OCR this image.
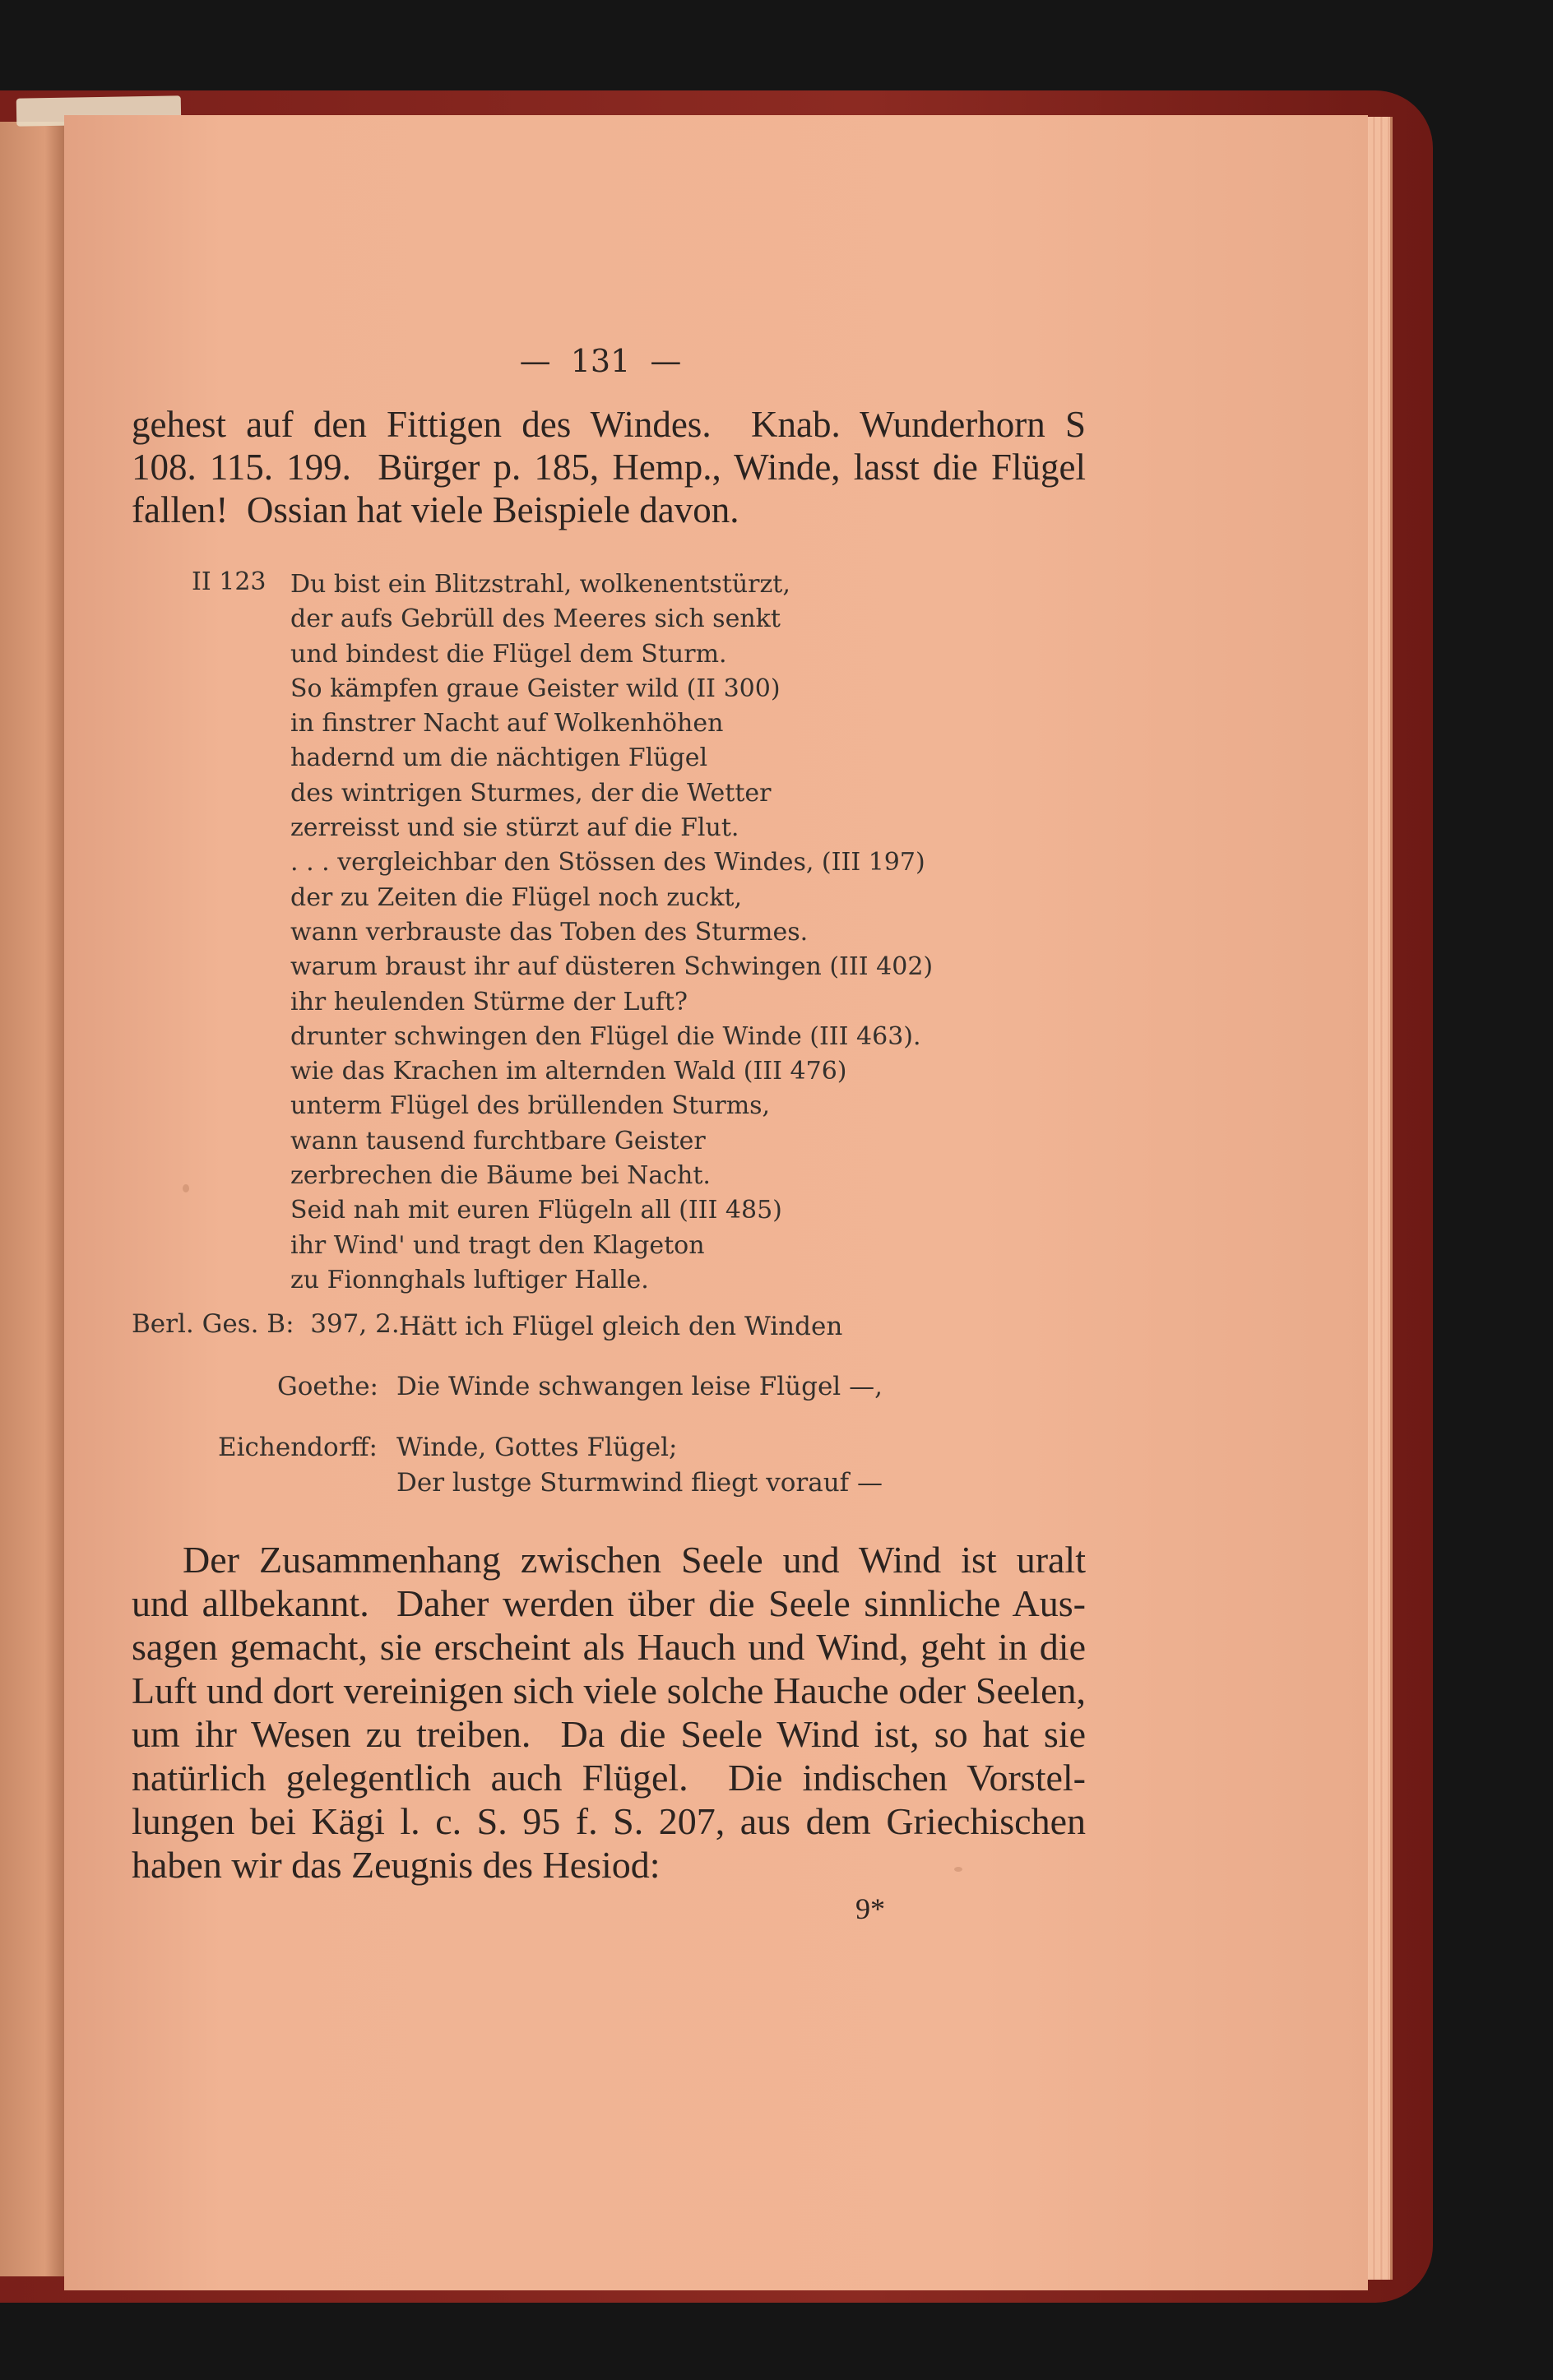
—  131  —
gehest auf den Fittigen des Windes.  Knab. Wunderhorn S
108. 115. 199.  Bürger p. 185, Hemp., Winde, lasst die Flügel
fallen!  Ossian hat viele Beispiele davon.
II 123 Du bist ein Blitzstrahl, wolkenentstürzt,
der aufs Gebrüll des Meeres sich senkt
und bindest die Flügel dem Sturm.
So kämpfen graue Geister wild (II 300)
in finstrer Nacht auf Wolkenhöhen
hadernd um die nächtigen Flügel
des wintrigen Sturmes, der die Wetter
zerreisst und sie stürzt auf die Flut.
. . . vergleichbar den Stössen des Windes, (III 197)
der zu Zeiten die Flügel noch zuckt,
wann verbrauste das Toben des Sturmes.
warum braust ihr auf düsteren Schwingen (III 402)
ihr heulenden Stürme der Luft?
drunter schwingen den Flügel die Winde (III 463).
wie das Krachen im alternden Wald (III 476)
unterm Flügel des brüllenden Sturms,
wann tausend furchtbare Geister
zerbrechen die Bäume bei Nacht.
Seid nah mit euren Flügeln all (III 485)
ihr Wind' und tragt den Klageton
zu Fionnghals luftiger Halle.
Berl. Ges. B:  397, 2. Hätt ich Flügel gleich den Winden
Goethe: Die Winde schwangen leise Flügel —,
Eichendorff: Winde, Gottes Flügel;
Der lustge Sturmwind fliegt vorauf —
Der Zusammenhang zwischen Seele und Wind ist uralt
und allbekannt.  Daher werden über die Seele sinnliche Aus-
sagen gemacht, sie erscheint als Hauch und Wind, geht in die
Luft und dort vereinigen sich viele solche Hauche oder Seelen,
um ihr Wesen zu treiben.  Da die Seele Wind ist, so hat sie
natürlich gelegentlich auch Flügel.  Die indischen Vorstel-
lungen bei Kägi l. c. S. 95 f. S. 207, aus dem Griechischen
haben wir das Zeugnis des Hesiod:
9*
